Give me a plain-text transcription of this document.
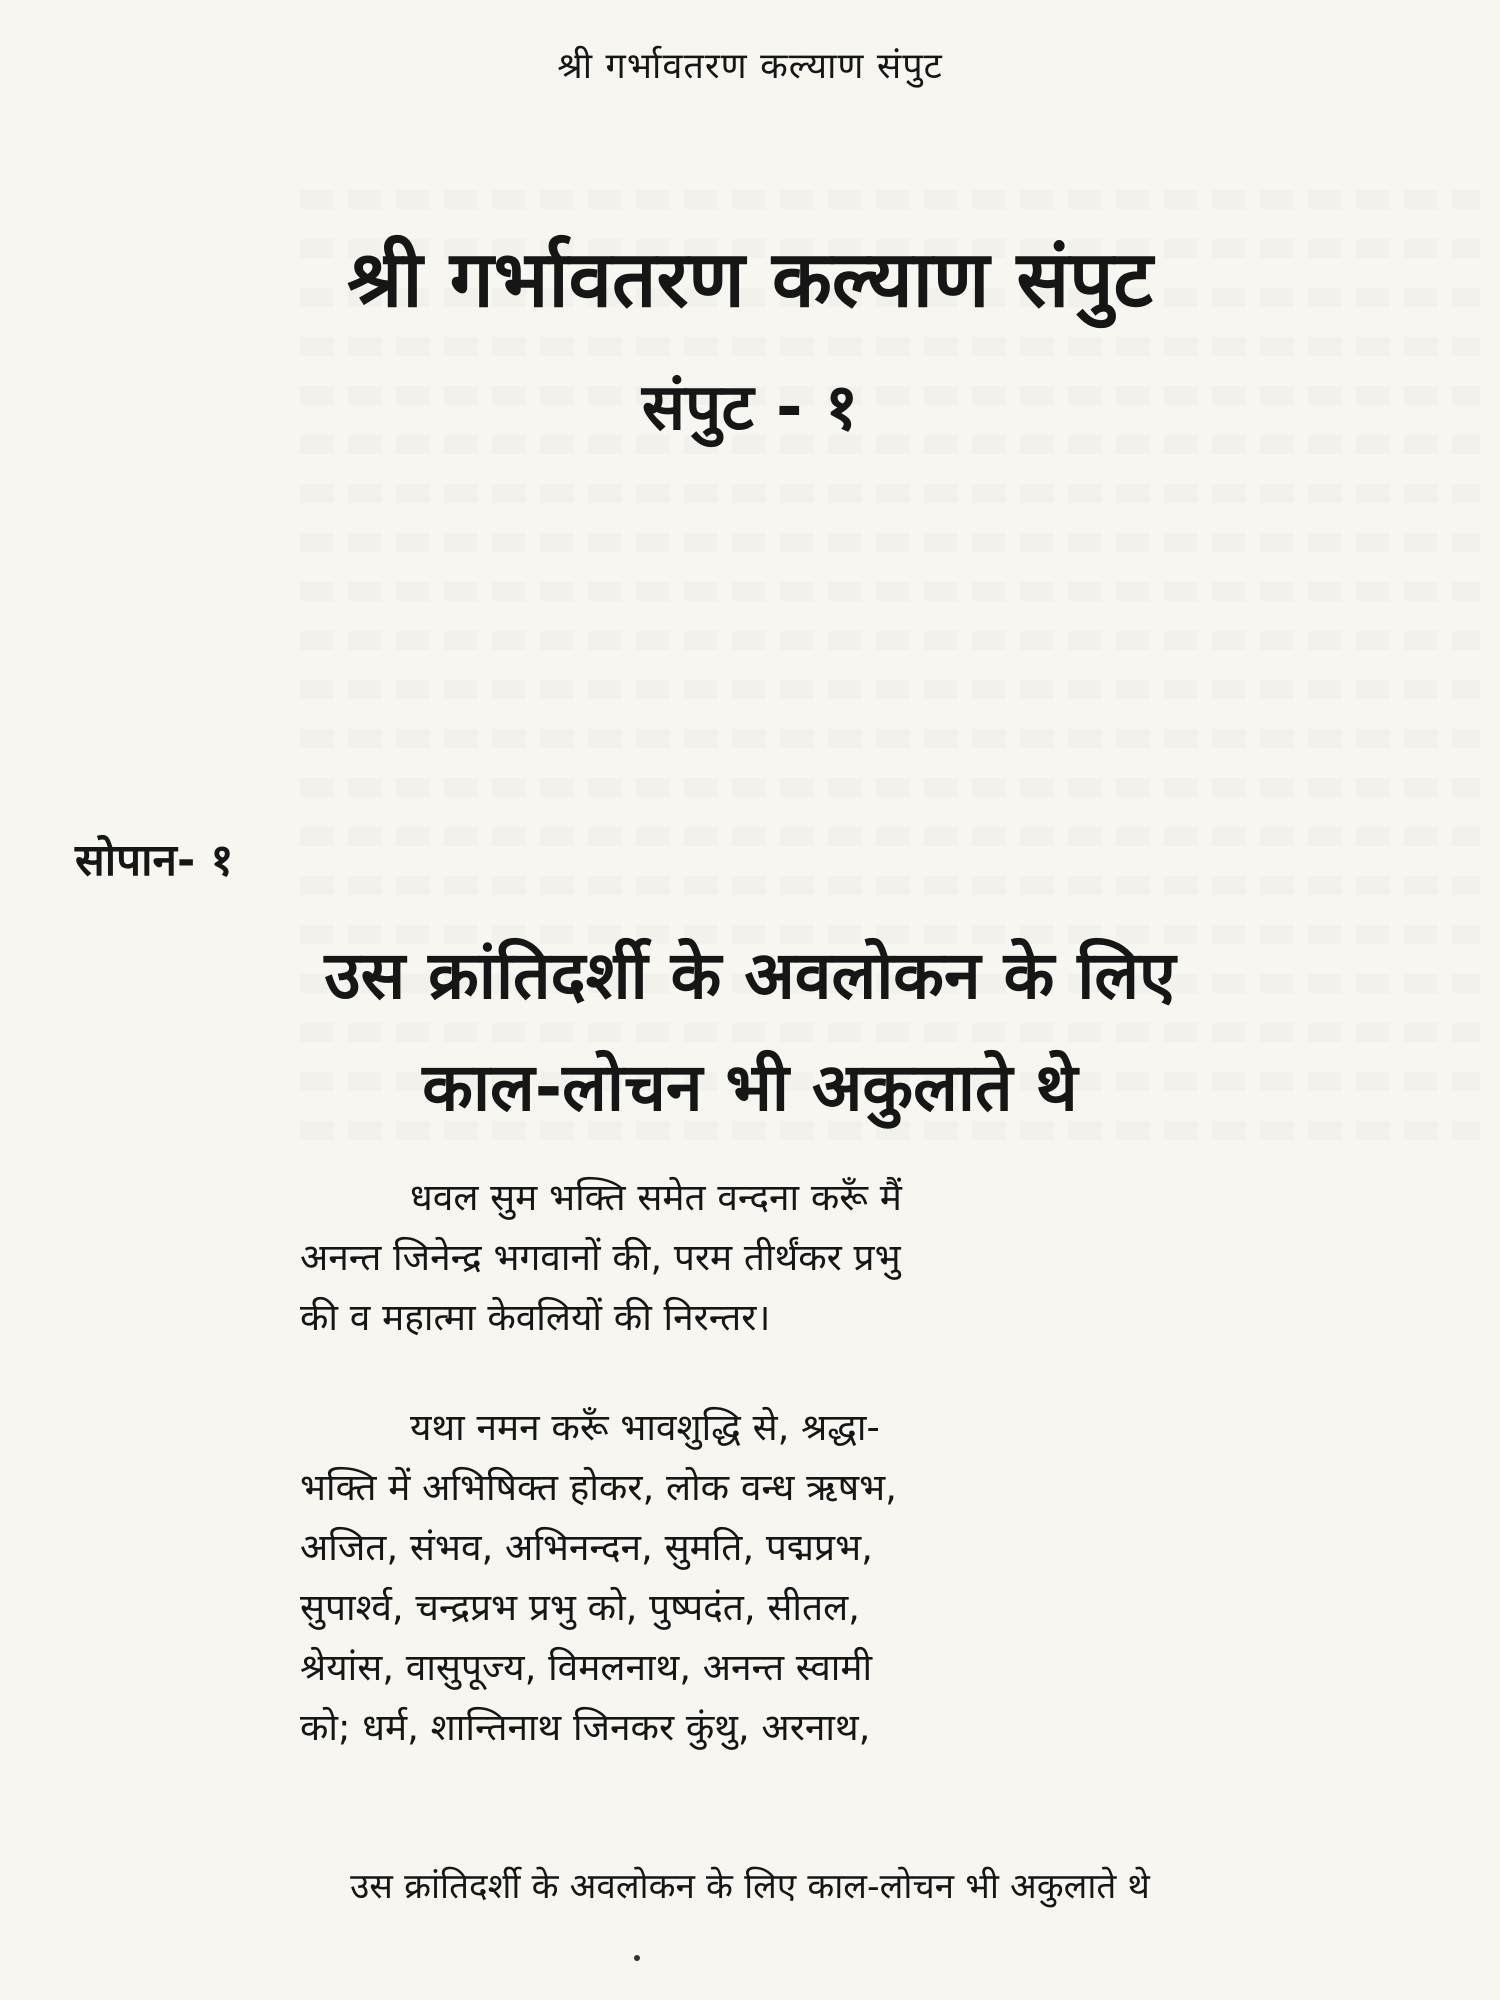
श्री गर्भावतरण कल्याण संपुट
श्री गर्भावतरण कल्याण संपुट
संपुट - १
सोपान- १
उस क्रांतिदर्शी के अवलोकन के लिए
काल-लोचन भी अकुलाते थे
धवल सुम भक्ति समेत वन्दना करूँ मैं
अनन्त जिनेन्द्र भगवानों की, परम तीर्थंकर प्रभु
की व महात्मा केवलियों की निरन्तर।
यथा नमन करूँ भावशुद्धि से, श्रद्धा-
भक्ति में अभिषिक्त होकर, लोक वन्ध ऋषभ,
अजित, संभव, अभिनन्दन, सुमति, पद्मप्रभ,
सुपार्श्व, चन्द्रप्रभ प्रभु को, पुष्पदंत, सीतल,
श्रेयांस, वासुपूज्य, विमलनाथ, अनन्त स्वामी
को; धर्म, शान्तिनाथ जिनकर कुंथु, अरनाथ,
उस क्रांतिदर्शी के अवलोकन के लिए काल-लोचन भी अकुलाते थे
